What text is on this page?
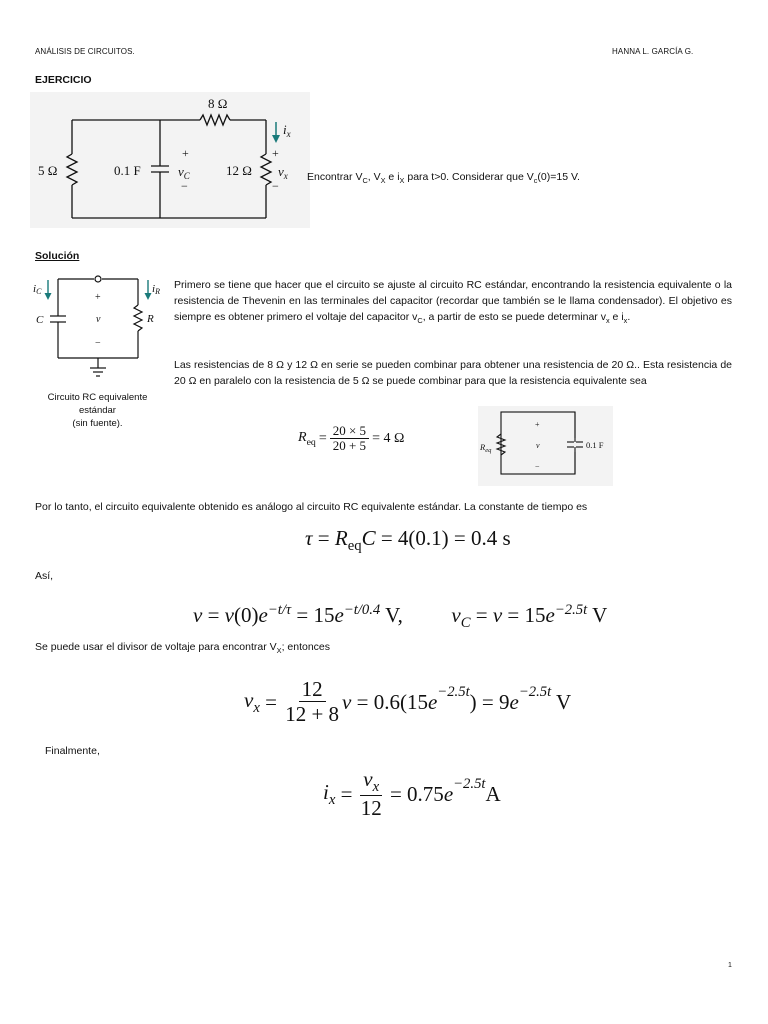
ANÁLISIS DE CIRCUITOS.	HANNA L. GARCÍA G.
EJERCICIO
8 Ω
5 Ω	0.1 F	12 Ω
+
−
$v_C$
+
−
$v_x$
$i_x$
Encontrar $V_C$, $V_X$ e $i_X$ para t>0. Considerar que $V_c(0)=15$ V.
Solución
iC	iR
C
+
v
−
R
Circuito RC equivalente
estándar
(sin fuente).
Primero se tiene que hacer que el circuito se ajuste al circuito RC estándar, encontrando la resistencia equivalente o la resistencia de Thevenin en las terminales del capacitor (recordar que también se le llama condensador). El objetivo es siempre es obtener primero el voltaje del capacitor $v_C$, a partir de esto se puede determinar $v_x$ e $i_x$.
Las resistencias de 8 Ω y 12 Ω en serie se pueden combinar para obtener una resistencia de 20 Ω.. Esta resistencia de 20 Ω en paralelo con la resistencia de 5 Ω se puede combinar para que la resistencia equivalente sea
$R_{eq} = \frac{20 \times 5}{20 + 5} = 4$ Ω
$R_{eq}$
+
v
−
0.1 F
Por lo tanto, el circuito equivalente obtenido es análogo al circuito RC equivalente estándar. La constante de tiempo es
$\tau = R_{eq}C = 4(0.1) = 0.4$ s
Así,
$v = v(0)e^{-t/\tau} = 15e^{-t/0.4}$ V, $v_C = v = 15e^{-2.5t}$ V
Se puede usar el divisor de voltaje para encontrar $V_X$; entonces
$v_x = \frac{12}{12 + 8}$ v = 0.6(15 $e^{-2.5t}$ ) = 9 $e^{-2.5t}$ V
Finalmente,
$i_x = \frac{v_x}{12} = 0.75$ $e^{-2.5t}$ A
1
